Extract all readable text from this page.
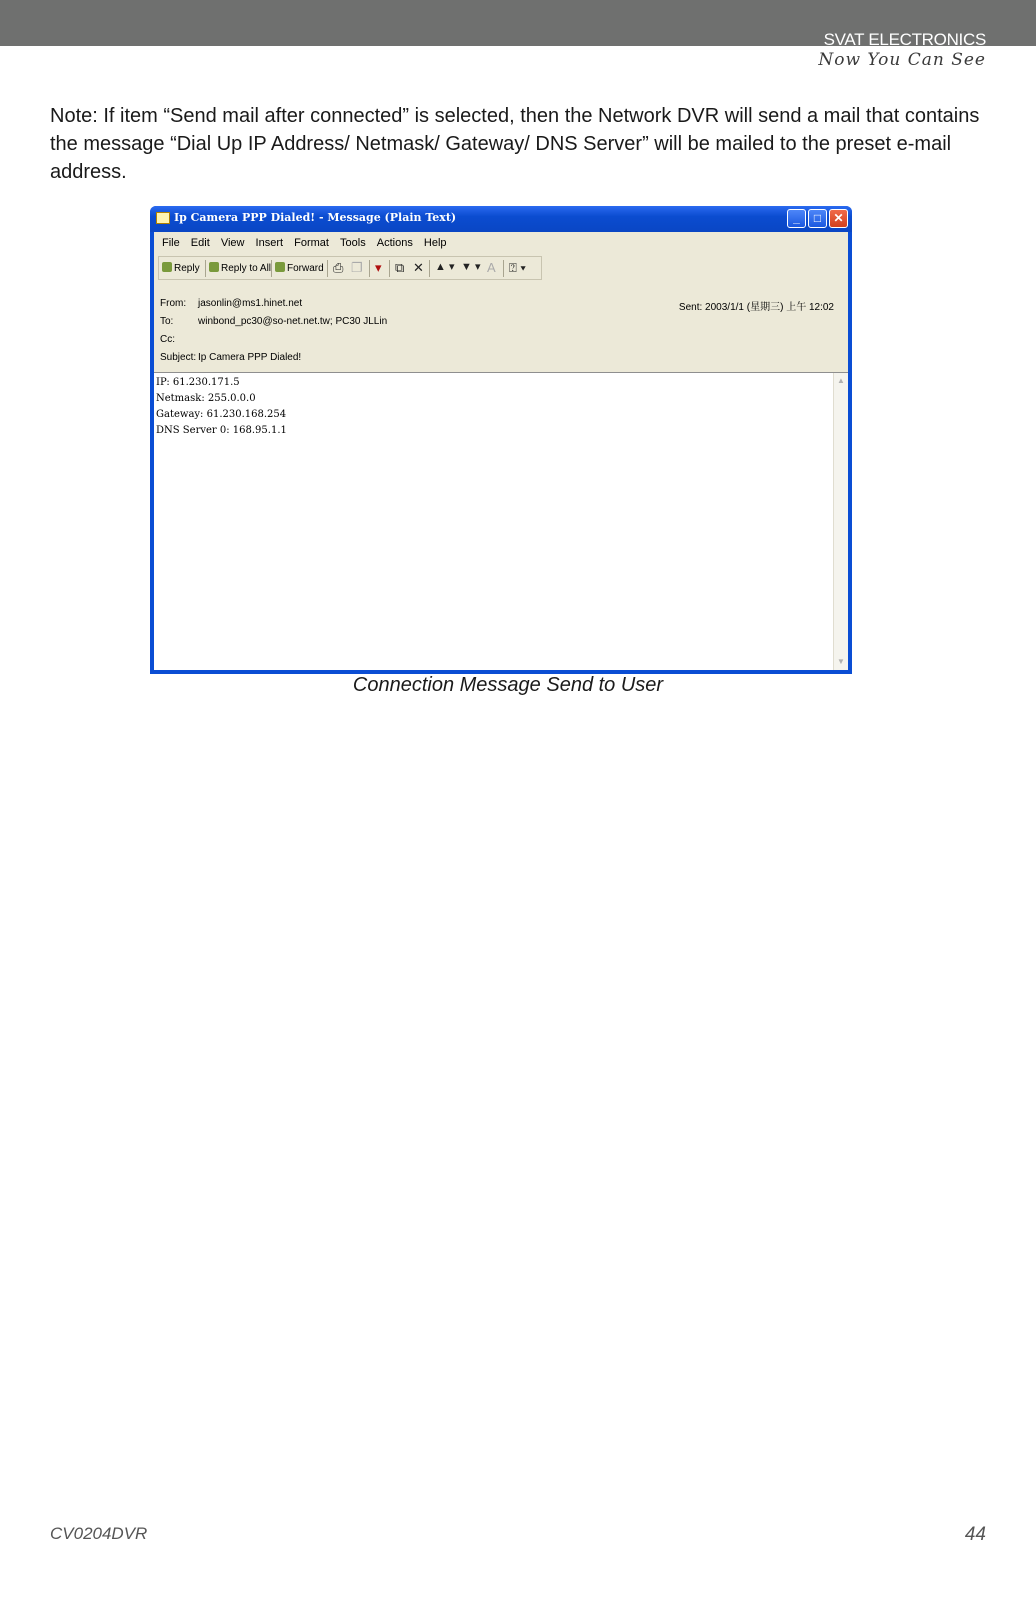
SVAT ELECTRONICS
Now You Can See
Note: If item “Send mail after connected” is selected, then the Network DVR will send a mail that contains the message “Dial Up IP Address/ Netmask/ Gateway/ DNS Server” will be mailed to the preset e-mail address.
Ip Camera PPP Dialed! - Message (Plain Text)	_	□	✕
File Edit View Insert Format Tools Actions Help
Reply	Reply to All	Forward ⎙ ❐ ▾ ⧉ ✕ ▲ ▾ ▼ ▾ A ⍰ ▾
From: jasonlin@ms1.hinet.net
To: winbond_pc30@so-net.net.tw; PC30 JLLin
Cc:
Subject: Ip Camera PPP Dialed!
Sent: 2003/1/1 (星期三) 上午 12:02
IP: 61.230.171.5
Netmask: 255.0.0.0
Gateway: 61.230.168.254
DNS Server 0: 168.95.1.1
▲
▼
Connection Message Send to User
CV0204DVR	44
